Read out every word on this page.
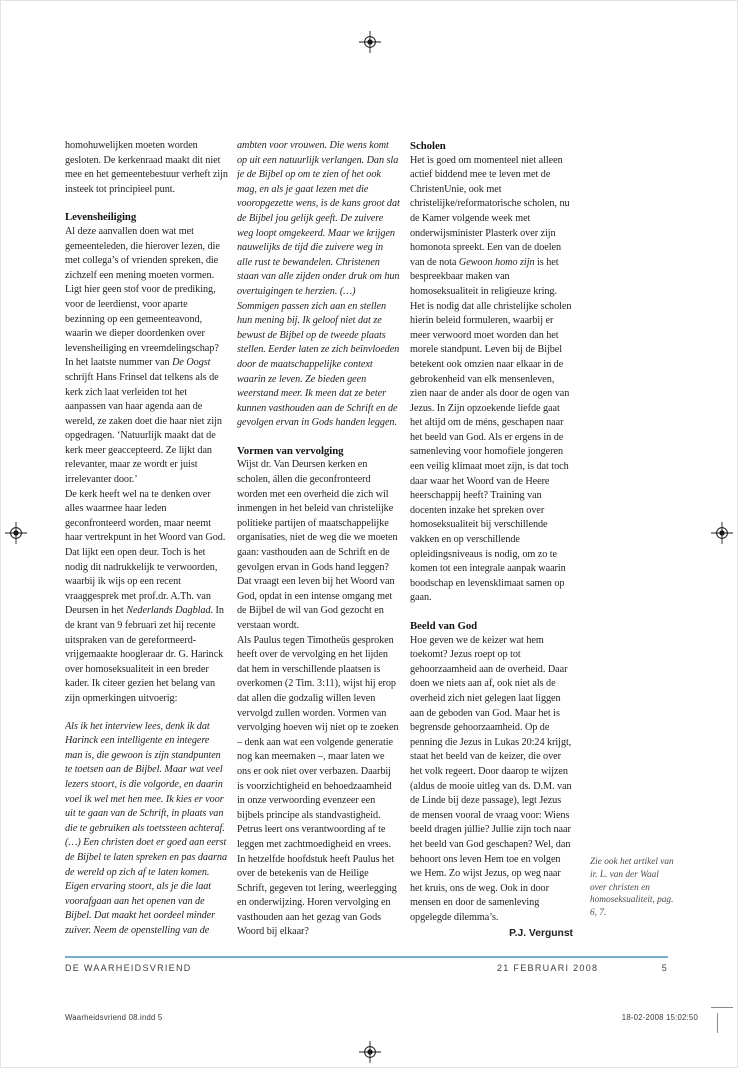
homohuwelijken moeten worden gesloten. De kerkenraad maakt dit niet mee en het gemeentebestuur verheft zijn insteek tot principieel punt.

Levensheiliging

Al deze aanvallen doen wat met gemeenteleden, die hierover lezen, die met collega’s of vrienden spreken, die zichzelf een mening moeten vormen. Ligt hier geen stof voor de prediking, voor de leerdienst, voor aparte bezinning op een gemeenteavond, waarin we dieper doordenken over levensheiliging en vreemdelingschap? In het laatste nummer van De Oogst schrijft Hans Frinsel dat telkens als de kerk zich laat verleiden tot het aanpassen van haar agenda aan de wereld, ze zaken doet die haar niet zijn opgedragen. ‘Natuurlijk maakt dat de kerk meer geaccepteerd. Ze lijkt dan relevanter, maar ze wordt er juist irrelevanter door.’

De kerk heeft wel na te denken over alles waarmee haar leden geconfronteerd worden, maar neemt haar vertrekpunt in het Woord van God. Dat lijkt een open deur. Toch is het nodig dit nadrukkelijk te verwoorden, waarbij ik wijs op een recent vraaggesprek met prof.dr. A.Th. van Deursen in het Nederlands Dagblad. In de krant van 9 februari zet hij recente uitspraken van de gereformeerd-vrijgemaakte hoogleraar dr. G. Harinck over homoseksualiteit in een breder kader. Ik citeer gezien het belang van zijn opmerkingen uitvoerig:

Als ik het interview lees, denk ik dat Harinck een intelligente en integere man is, die gewoon is zijn standpunten te toetsen aan de Bijbel. Maar wat veel lezers stoort, is die volgorde, en daarin voel ik wel met hen mee. Ik kies er voor uit te gaan van de Schrift, in plaats van die te gebruiken als toetssteen achteraf. (…) Een christen doet er goed aan eerst de Bijbel te laten spreken en pas daarna de wereld op zich af te laten komen. Eigen ervaring stoort, als je die laat voorafgaan aan het openen van de Bijbel. Dat maakt het oordeel minder zuiver. Neem de openstelling van de

ambten voor vrouwen. Die wens komt op uit een natuurlijk verlangen. Dan sla je de Bijbel op om te zien of het ook mag, en als je gaat lezen met die vooropgezette wens, is de kans groot dat de Bijbel jou gelijk geeft. De zuivere weg loopt omgekeerd. Maar we krijgen nauwelijks de tijd die zuivere weg in alle rust te bewandelen. Christenen staan van alle zijden onder druk om hun overtuigingen te herzien. (…) Sommigen passen zich aan en stellen hun mening bij. Ik geloof niet dat ze bewust de Bijbel op de tweede plaats stellen. Eerder laten ze zich beïnvloeden door de maatschappelijke context waarin ze leven. Ze bieden geen weerstand meer. Ik meen dat ze beter kunnen vasthouden aan de Schrift en de gevolgen ervan in Gods handen leggen.

Vormen van vervolging

Wijst dr. Van Deursen kerken en scholen, állen die geconfronteerd worden met een overheid die zich wil inmengen in het beleid van christelijke politieke partijen of maatschappelijke organisaties, niet de weg die we moeten gaan: vasthouden aan de Schrift en de gevolgen ervan in Gods hand leggen? Dat vraagt een leven bij het Woord van God, opdat in een intense omgang met de Bijbel de wil van God gezocht en verstaan wordt.

Als Paulus tegen Timotheüs gesproken heeft over de vervolging en het lijden dat hem in verschillende plaatsen is overkomen (2 Tim. 3:11), wijst hij erop dat allen die godzalig willen leven vervolgd zullen worden. Vormen van vervolging hoeven wij niet op te zoeken – denk aan wat een volgende generatie nog kan meemaken –, maar laten we ons er ook niet over verbazen. Daarbij is voorzichtigheid en behoedzaamheid in onze verwoording evenzeer een bijbels principe als standvastigheid. Petrus leert ons verantwoording af te leggen met zachtmoedigheid en vrees.

In hetzelfde hoofdstuk heeft Paulus het over de betekenis van de Heilige Schrift, gegeven tot lering, weerlegging en onderwijzing. Horen vervolging en vasthouden aan het gezag van Gods Woord bij elkaar?

Scholen

Het is goed om momenteel niet alleen actief biddend mee te leven met de ChristenUnie, ook met christelijke/reformatorische scholen, nu de Kamer volgende week met onderwijsminister Plasterk over zijn homonota spreekt. Een van de doelen van de nota Gewoon homo zijn is het bespreekbaar maken van homoseksualiteit in religieuze kring. Het is nodig dat alle christelijke scholen hierin beleid formuleren, waarbij er meer verwoord moet worden dan het morele standpunt. Leven bij de Bijbel betekent ook omzien naar elkaar in de gebrokenheid van elk mensenleven, zien naar de ander als door de ogen van Jezus. In Zijn opzoekende liefde gaat het altijd om de méns, geschapen naar het beeld van God. Als er ergens in de samenleving voor homofiele jongeren een veilig klimaat moet zijn, is dat toch daar waar het Woord van de Heere heerschappij heeft? Training van docenten inzake het spreken over homoseksualiteit bij verschillende vakken en op verschillende opleidingsniveaus is nodig, om zo te komen tot een integrale aanpak waarin boodschap en levensklimaat samen op gaan.

Beeld van God

Hoe geven we de keizer wat hem toekomt? Jezus roept op tot gehoorzaamheid aan de overheid. Daar doen we niets aan af, ook niet als de overheid zich niet gelegen laat liggen aan de geboden van God. Maar het is begrensde gehoorzaamheid. Op de penning die Jezus in Lukas 20:24 krijgt, staat het beeld van de keizer, die over het volk regeert. Door daarop te wijzen (aldus de mooie uitleg van ds. D.M. van de Linde bij deze passage), legt Jezus de mensen vooral de vraag voor: Wiens beeld dragen júllie? Jullie zijn toch naar het beeld van God geschapen? Wel, dan behoort ons leven Hem toe en volgen we Hem. Zo wijst Jezus, op weg naar het kruis, ons de weg. Ook in door mensen en door de samenleving opgelegde dilemma’s.

P.J. Vergunst
Zie ook het artikel van ir. L. van der Waal over christen en homoseksualiteit, pag. 6, 7.
DE WAARHEIDSVRIEND	21 FEBRUARI 2008	5
Waarheidsvriend 08.indd 5	18-02-2008 15:02:50
